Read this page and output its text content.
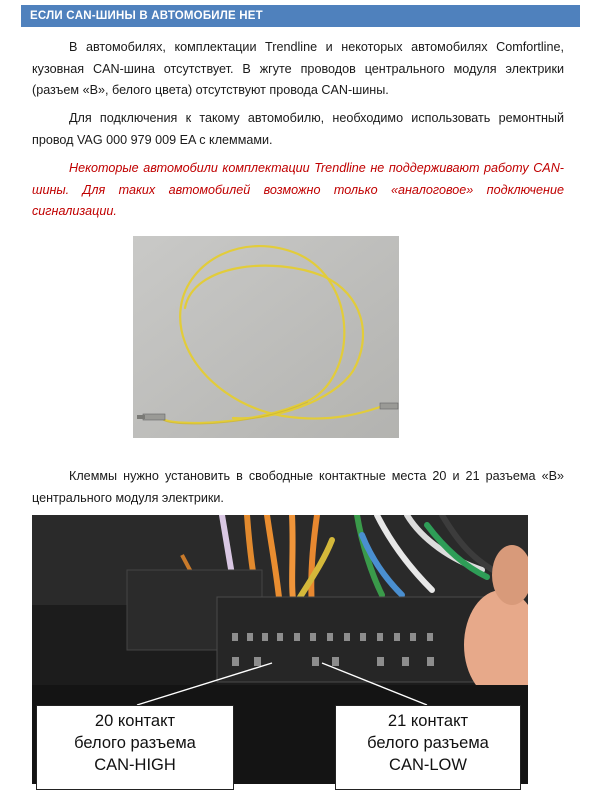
ЕСЛИ CAN-ШИНЫ В АВТОМОБИЛЕ НЕТ

В автомобилях, комплектации Trendline и некоторых автомобилях Comfortline, кузовная CAN-шина отсутствует. В жгуте проводов центрального модуля электрики (разъем «В», белого цвета) отсутствуют провода CAN-шины.

Для подключения к такому автомобилю, необходимо использовать ремонтный провод VAG 000 979 009 EA с клеммами.

Некоторые автомобили комплектации Trendline не поддерживают работу CAN-шины. Для таких автомобилей возможно только «аналоговое» подключение сигнализации.

Клеммы нужно установить в свободные контактные места 20 и 21 разъема «В» центрального модуля электрики.

20 контакт
белого разъема
CAN-HIGH
21 контакт
белого разъема
CAN-LOW
